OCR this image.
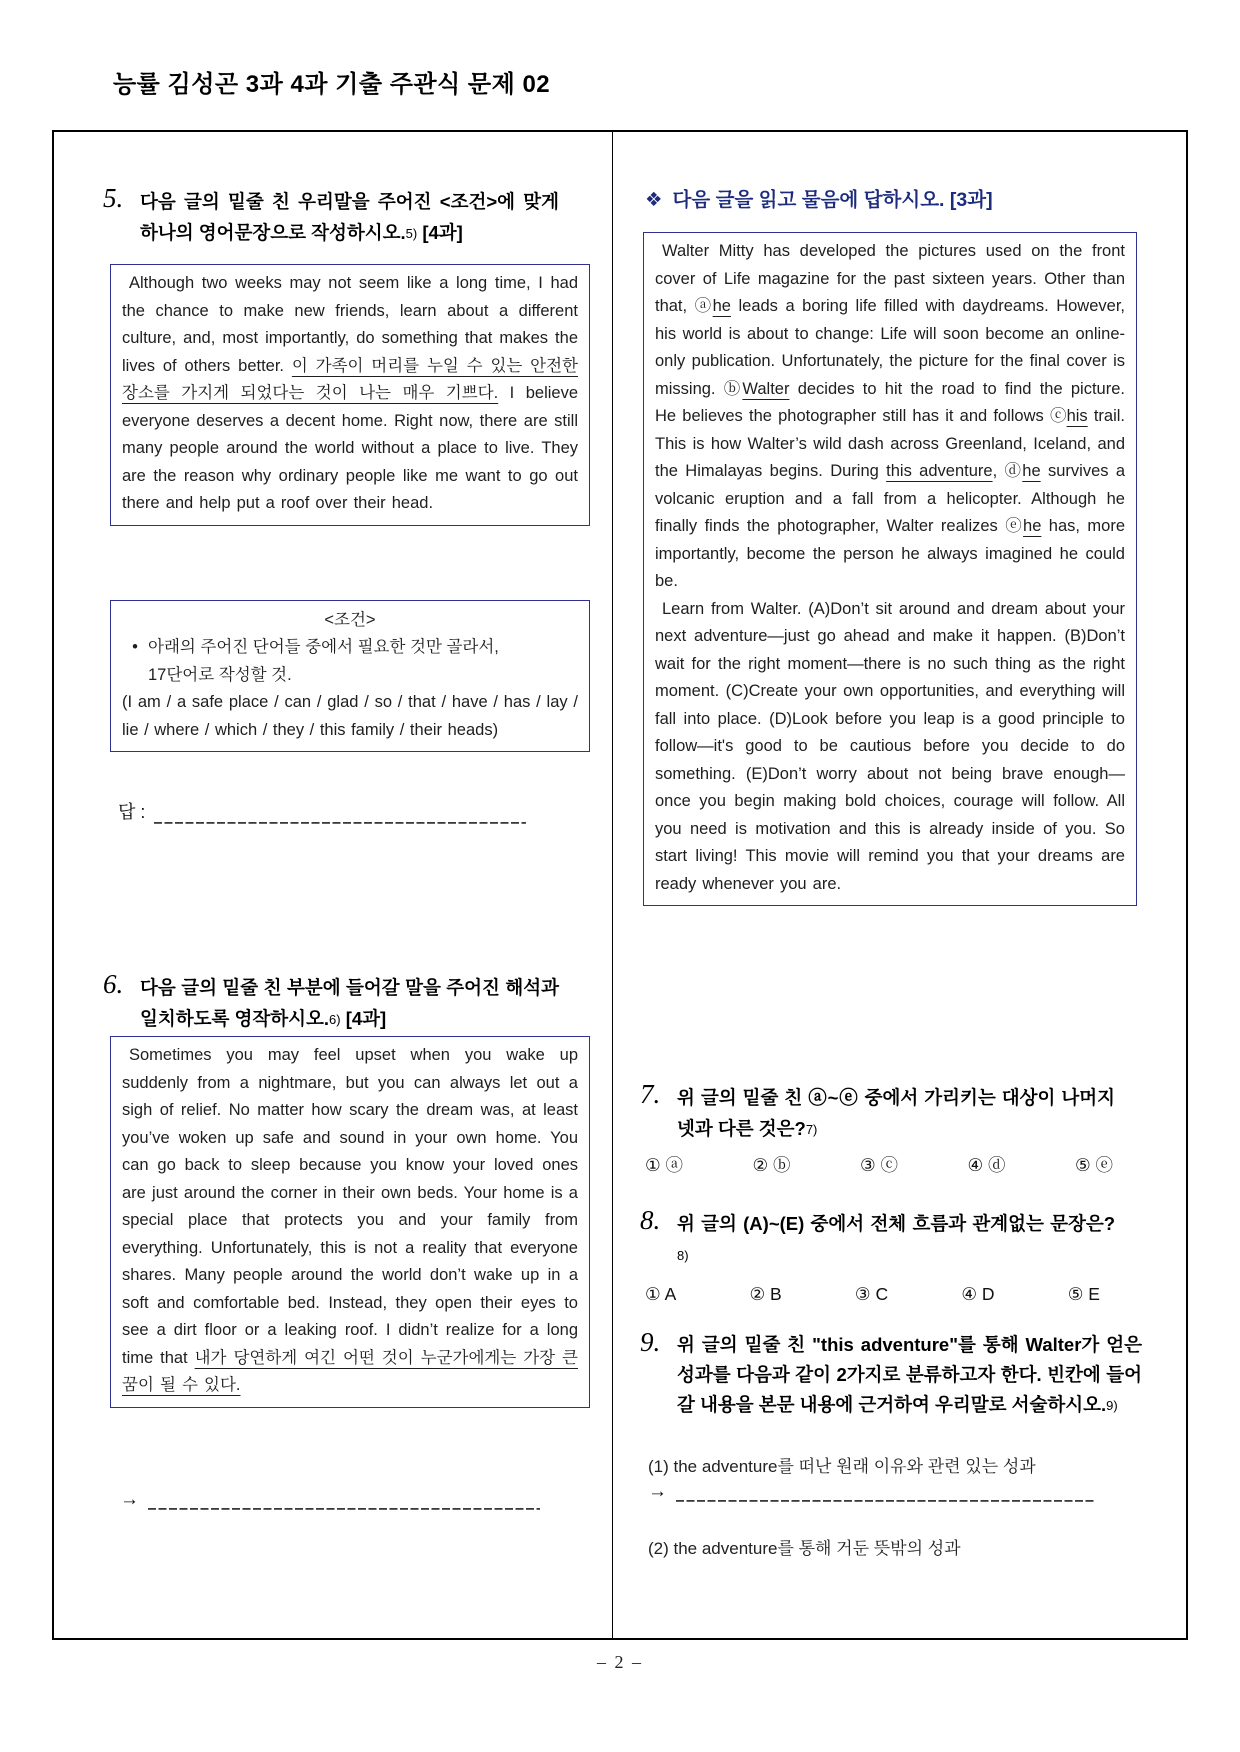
능률 김성곤 3과 4과 기출 주관식 문제 02
5. 다음 글의 밑줄 친 우리말을 주어진 <조건>에 맞게 하나의 영어문장으로 작성하시오.5) [4과]

Although two weeks may not seem like a long time, I had the chance to make new friends, learn about a different culture, and, most importantly, do something that makes the lives of others better. 이 가족이 머리를 누일 수 있는 안전한 장소를 가지게 되었다는 것이 나는 매우 기쁘다. I believe everyone deserves a decent home. Right now, there are still many people around the world without a place to live. They are the reason why ordinary people like me want to go out there and help put a roof over their head.

<조건>
• 아래의 주어진 단어들 중에서 필요한 것만 골라서,
17단어로 작성할 것.
(I am / a safe place / can / glad / so / that / have / has / lay / lie / where / which / they / this family / their heads)
답 :
6. 다음 글의 밑줄 친 부분에 들어갈 말을 주어진 해석과 일치하도록 영작하시오.6) [4과]

Sometimes you may feel upset when you wake up suddenly from a nightmare, but you can always let out a sigh of relief. No matter how scary the dream was, at least you’ve woken up safe and sound in your own home. You can go back to sleep because you know your loved ones are just around the corner in their own beds. Your home is a special place that protects you and your family from everything. Unfortunately, this is not a reality that everyone shares. Many people around the world don’t wake up in a soft and comfortable bed. Instead, they open their eyes to see a dirt floor or a leaking roof. I didn’t realize for a long time that 내가 당연하게 여긴 어떤 것이 누군가에게는 가장 큰 꿈이 될 수 있다.

→
❖ 다음 글을 읽고 물음에 답하시오. [3과]

Walter Mitty has developed the pictures used on the front cover of Life magazine for the past sixteen years. Other than that, ⓐhe leads a boring life filled with daydreams. However, his world is about to change: Life will soon become an online-only publication. Unfortunately, the picture for the final cover is missing. ⓑWalter decides to hit the road to find the picture. He believes the photographer still has it and follows ⓒhis trail. This is how Walter’s wild dash across Greenland, Iceland, and the Himalayas begins. During this adventure, ⓓhe survives a volcanic eruption and a fall from a helicopter. Although he finally finds the photographer, Walter realizes ⓔhe has, more importantly, become the person he always imagined he could be.

Learn from Walter. (A)Don’t sit around and dream about your next adventure—just go ahead and make it happen. (B)Don’t wait for the right moment—there is no such thing as the right moment. (C)Create your own opportunities, and everything will fall into place. (D)Look before you leap is a good principle to follow—it's good to be cautious before you decide to do something. (E)Don’t worry about not being brave enough—once you begin making bold choices, courage will follow. All you need is motivation and this is already inside of you. So start living! This movie will remind you that your dreams are ready whenever you are.

7. 위 글의 밑줄 친 ⓐ~ⓔ 중에서 가리키는 대상이 나머지 넷과 다른 것은?7)

① ⓐ	② ⓑ	③ ⓒ	④ ⓓ	⑤ ⓔ
8. 위 글의 (A)~(E) 중에서 전체 흐름과 관계없는 문장은?8)

① A	② B	③ C	④ D	⑤ E
9. 위 글의 밑줄 친 "this adventure"를 통해 Walter가 얻은 성과를 다음과 같이 2가지로 분류하고자 한다. 빈칸에 들어갈 내용을 본문 내용에 근거하여 우리말로 서술하시오.9)

(1) the adventure를 떠난 원래 이유와 관련 있는 성과

→

(2) the adventure를 통해 거둔 뜻밖의 성과

– 2 –
